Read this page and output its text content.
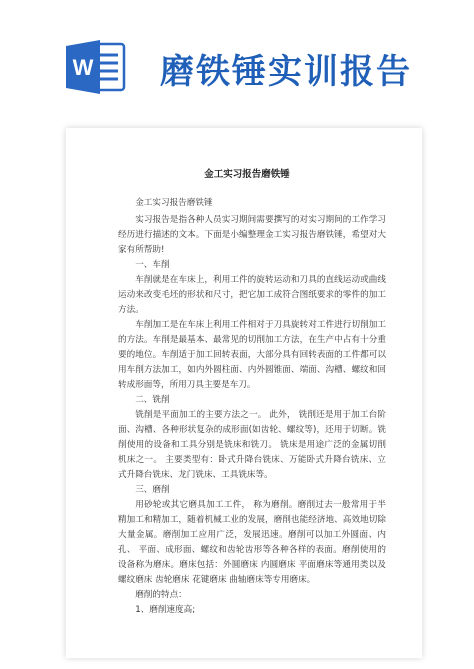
W 磨铁锤实训报告
金工实习报告磨铁锤
金工实习报告磨铁锤
实习报告是指各种人员实习期间需要撰写的对实习期间的工作学习经历进行描述的文本。下面是小编整理金工实习报告磨铁锤，希望对大家有所帮助!
一、车削
车削就是在车床上，利用工件的旋转运动和刀具的直线运动或曲线运动来改变毛坯的形状和尺寸，把它加工成符合图纸要求的零件的加工方法。
车削加工是在车床上利用工件相对于刀具旋转对工件进行切削加工的方法。车削是最基本、最常见的切削加工方法，在生产中占有十分重要的地位。车削适于加工回转表面，大部分具有回转表面的工件都可以用车削方法加工，如内外圆柱面、内外圆锥面、端面、沟槽、螺纹和回转成形面等，所用刀具主要是车刀。
二、铣削
铣削是平面加工的主要方法之一。 此外， 铣削还是用于加工台阶面、沟槽、各种形状复杂的成形面(如齿轮、螺纹等)，还用于切断。铣削使用的设备和工具分别是铣床和铣刀。 铣床是用途广泛的金属切削机床之一。 主要类型有：卧式升降台铣床、万能卧式升降台铣床、立式升降台铣床、龙门铣床、工具铣床等。
三、磨削
用砂轮或其它磨具加工工件， 称为磨削。磨削过去一般常用于半精加工和精加工，随着机械工业的发展，磨削也能经济地、高效地切除大量金属。磨削加工应用广泛，发展迅速。磨削可以加工外圆面、内孔、 平面、成形面、螺纹和齿轮齿形等各种各样的表面。磨削使用的设备称为磨床。磨床包括：外圆磨床 内圆磨床 平面磨床等通用类以及螺纹磨床 齿轮磨床 花键磨床 曲轴磨床等专用磨床。
磨削的特点：
1、磨削速度高;
